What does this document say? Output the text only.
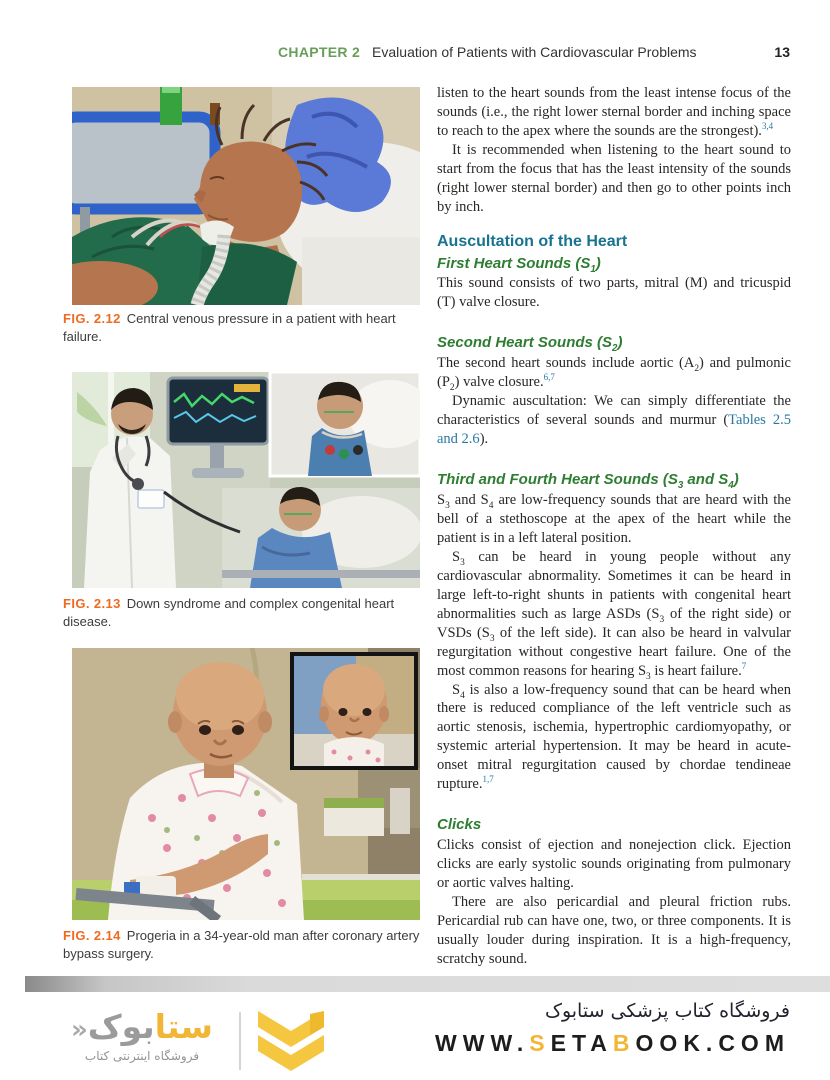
CHAPTER 2 Evaluation of Patients with Cardiovascular Problems	13
FIG. 2.12 Central venous pressure in a patient with heart failure.
FIG. 2.13 Down syndrome and complex congenital heart disease.
FIG. 2.14 Progeria in a 34-year-old man after coronary artery bypass surgery.

listen to the heart sounds from the least intense focus of the sounds (i.e., the right lower sternal border and inching space to reach to the apex where the sounds are the strongest).$^{3,4}$

It is recommended when listening to the heart sound to start from the focus that has the least intensity of the sounds (right lower sternal border) and then go to other points inch by inch.

Auscultation of the Heart
First Heart Sounds $(S_1)$

This sound consists of two parts, mitral (M) and tricuspid (T) valve closure.

Second Heart Sounds $(S_2)$

The second heart sounds include aortic $(A_2)$ and pulmonic $(P_2)$ valve closure.$^{6,7}$

Dynamic auscultation: We can simply differentiate the characteristics of several sounds and murmur (Tables 2.5 and 2.6).

Third and Fourth Heart Sounds ($S_3$ and $S_4$)

$S_3$ and $S_4$ are low-frequency sounds that are heard with the bell of a stethoscope at the apex of the heart while the patient is in a left lateral position.

$S_3$ can be heard in young people without any cardiovascular abnormality. Sometimes it can be heard in large left-to-right shunts in patients with congenital heart abnormalities such as large ASDs ($S_3$ of the right side) or VSDs ($S_3$ of the left side). It can also be heard in valvular regurgitation without congestive heart failure. One of the most common reasons for hearing $S_3$ is heart failure.$^7$

$S_4$ is also a low-frequency sound that can be heard when there is reduced compliance of the left ventricle such as aortic stenosis, ischemia, hypertrophic cardiomyopathy, or systemic arterial hypertension. It may be heard in acute-onset mitral regurgitation caused by chordae tendineae rupture.$^{1,7}$

Clicks

Clicks consist of ejection and nonejection click. Ejection clicks are early systolic sounds originating from pulmonary or aortic valves halting.

There are also pericardial and pleural friction rubs. Pericardial rub can have one, two, or three components. It is usually louder during inspiration. It is a high-frequency, scratchy sound.

ستابوک«
فروشگاه اینترنتی کتاب
فروشگاه کتاب پزشکی ستابوک
WWW.SETABOOK.COM
